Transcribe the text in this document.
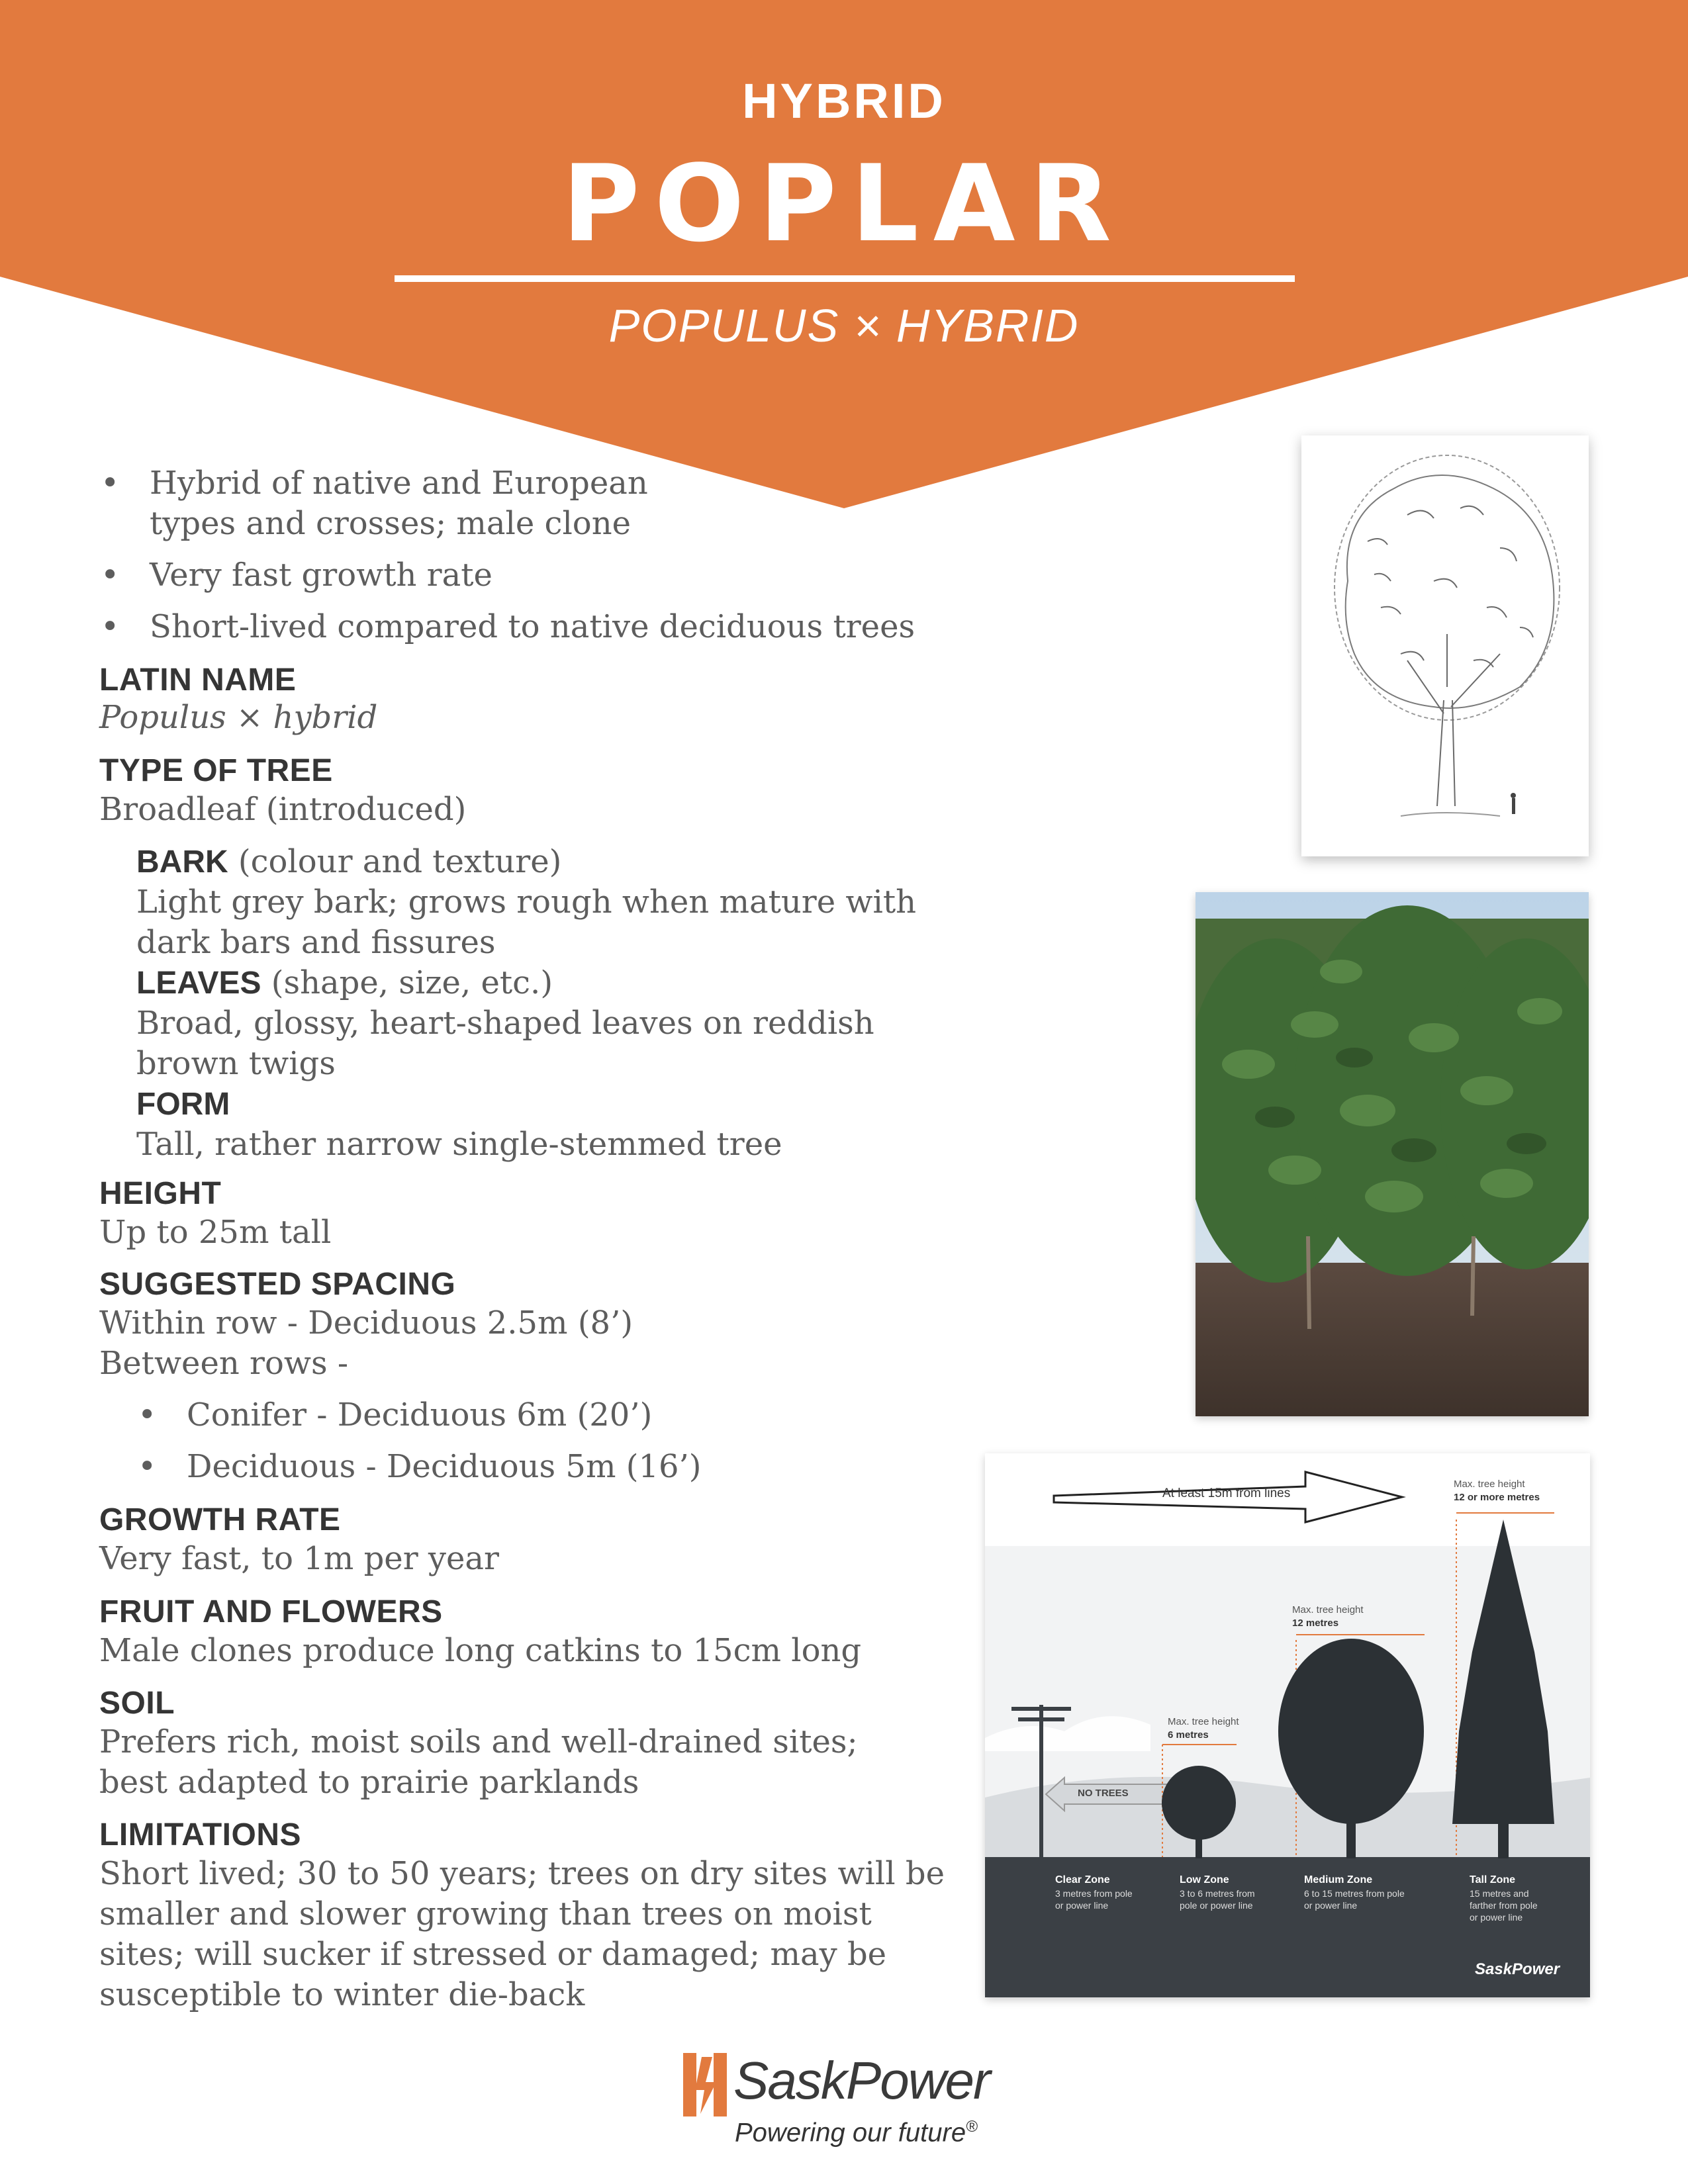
HYBRID
POPLAR
POPULUS × HYBRID
• Hybrid of native and European types and crosses; male clone
• Very fast growth rate
• Short-lived compared to native deciduous trees
LATIN NAME
Populus × hybrid
TYPE OF TREE
Broadleaf (introduced)
BARK (colour and texture)
Light grey bark; grows rough when mature with dark bars and fissures
LEAVES (shape, size, etc.)
Broad, glossy, heart-shaped leaves on reddish brown twigs
FORM
Tall, rather narrow single-stemmed tree
HEIGHT
Up to 25m tall
SUGGESTED SPACING
Within row - Deciduous 2.5m (8’)
Between rows -
• Conifer - Deciduous 6m (20’)
• Deciduous - Deciduous 5m (16’)
GROWTH RATE
Very fast, to 1m per year
FRUIT AND FLOWERS
Male clones produce long catkins to 15cm long
SOIL
Prefers rich, moist soils and well-drained sites; best adapted to prairie parklands
LIMITATIONS
Short lived; 30 to 50 years; trees on dry sites will be smaller and slower growing than trees on moist sites; will sucker if stressed or damaged; may be susceptible to winter die-back
At least 15m from lines
Max. tree height
12 or more metres
Max. tree height
12 metres
Max. tree height
6 metres
NO TREES
Clear Zone
3 metres from pole
or power line
Low Zone
3 to 6 metres from
pole or power line
Medium Zone
6 to 15 metres from pole
or power line
Tall Zone
15 metres and
farther from pole
or power line
SaskPower
SaskPower
Powering our future®
